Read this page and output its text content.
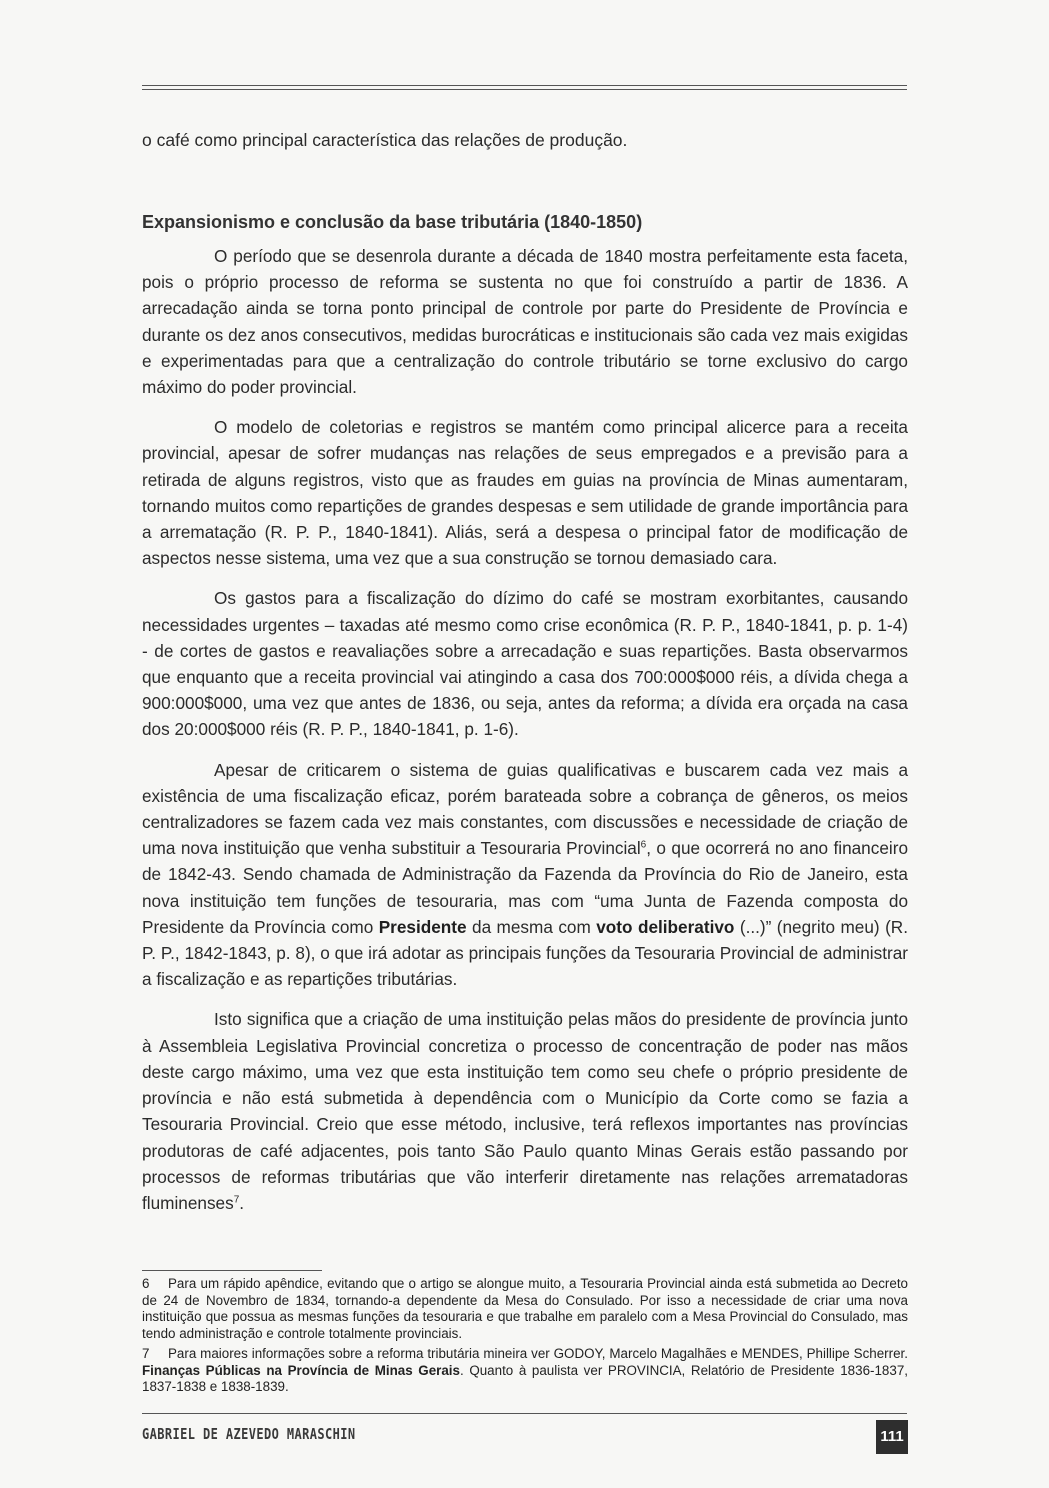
o café como principal característica das relações de produção.

Expansionismo e conclusão da base tributária (1840-1850)

O período que se desenrola durante a década de 1840 mostra perfeitamente esta faceta, pois o próprio processo de reforma se sustenta no que foi construído a partir de 1836. A arrecadação ainda se torna ponto principal de controle por parte do Presidente de Província e durante os dez anos consecutivos, medidas burocráticas e institucionais são cada vez mais exigidas e experimentadas para que a centralização do controle tributário se torne exclusivo do cargo máximo do poder provincial.

O modelo de coletorias e registros se mantém como principal alicerce para a receita provincial, apesar de sofrer mudanças nas relações de seus empregados e a previsão para a retirada de alguns registros, visto que as fraudes em guias na província de Minas aumentaram, tornando muitos como repartições de grandes despesas e sem utilidade de grande importância para a arrematação (R. P. P., 1840-1841). Aliás, será a despesa o principal fator de modificação de aspectos nesse sistema, uma vez que a sua construção se tornou demasiado cara.

Os gastos para a fiscalização do dízimo do café se mostram exorbitantes, causando necessidades urgentes – taxadas até mesmo como crise econômica (R. P. P., 1840-1841, p. p. 1-4) - de cortes de gastos e reavaliações sobre a arrecadação e suas repartições. Basta observarmos que enquanto que a receita provincial vai atingindo a casa dos 700:000$000 réis, a dívida chega a 900:000$000, uma vez que antes de 1836, ou seja, antes da reforma; a dívida era orçada na casa dos 20:000$000 réis (R. P. P., 1840-1841, p. 1-6).

Apesar de criticarem o sistema de guias qualificativas e buscarem cada vez mais a existência de uma fiscalização eficaz, porém barateada sobre a cobrança de gêneros, os meios centralizadores se fazem cada vez mais constantes, com discussões e necessidade de criação de uma nova instituição que venha substituir a Tesouraria Provincial$^6$, o que ocorrerá no ano financeiro de 1842-43. Sendo chamada de Administração da Fazenda da Província do Rio de Janeiro, esta nova instituição tem funções de tesouraria, mas com “uma Junta de Fazenda composta do Presidente da Província como Presidente da mesma com voto deliberativo (...)” (negrito meu) (R. P. P., 1842-1843, p. 8), o que irá adotar as principais funções da Tesouraria Provincial de administrar a fiscalização e as repartições tributárias.

Isto significa que a criação de uma instituição pelas mãos do presidente de província junto à Assembleia Legislativa Provincial concretiza o processo de concentração de poder nas mãos deste cargo máximo, uma vez que esta instituição tem como seu chefe o próprio presidente de província e não está submetida à dependência com o Município da Corte como se fazia a Tesouraria Provincial. Creio que esse método, inclusive, terá reflexos importantes nas províncias produtoras de café adjacentes, pois tanto São Paulo quanto Minas Gerais estão passando por processos de reformas tributárias que vão interferir diretamente nas relações arrematadoras fluminenses$^7$.

6 Para um rápido apêndice, evitando que o artigo se alongue muito, a Tesouraria Provincial ainda está submetida ao Decreto de 24 de Novembro de 1834, tornando-a dependente da Mesa do Consulado. Por isso a necessidade de criar uma nova instituição que possua as mesmas funções da tesouraria e que trabalhe em paralelo com a Mesa Provincial do Consulado, mas tendo administração e controle totalmente provinciais.

7 Para maiores informações sobre a reforma tributária mineira ver GODOY, Marcelo Magalhães e MENDES, Phillipe Scherrer. Finanças Públicas na Província de Minas Gerais. Quanto à paulista ver PROVINCIA, Relatório de Presidente 1836-1837, 1837-1838 e 1838-1839.

GABRIEL DE AZEVEDO MARASCHIN	111
